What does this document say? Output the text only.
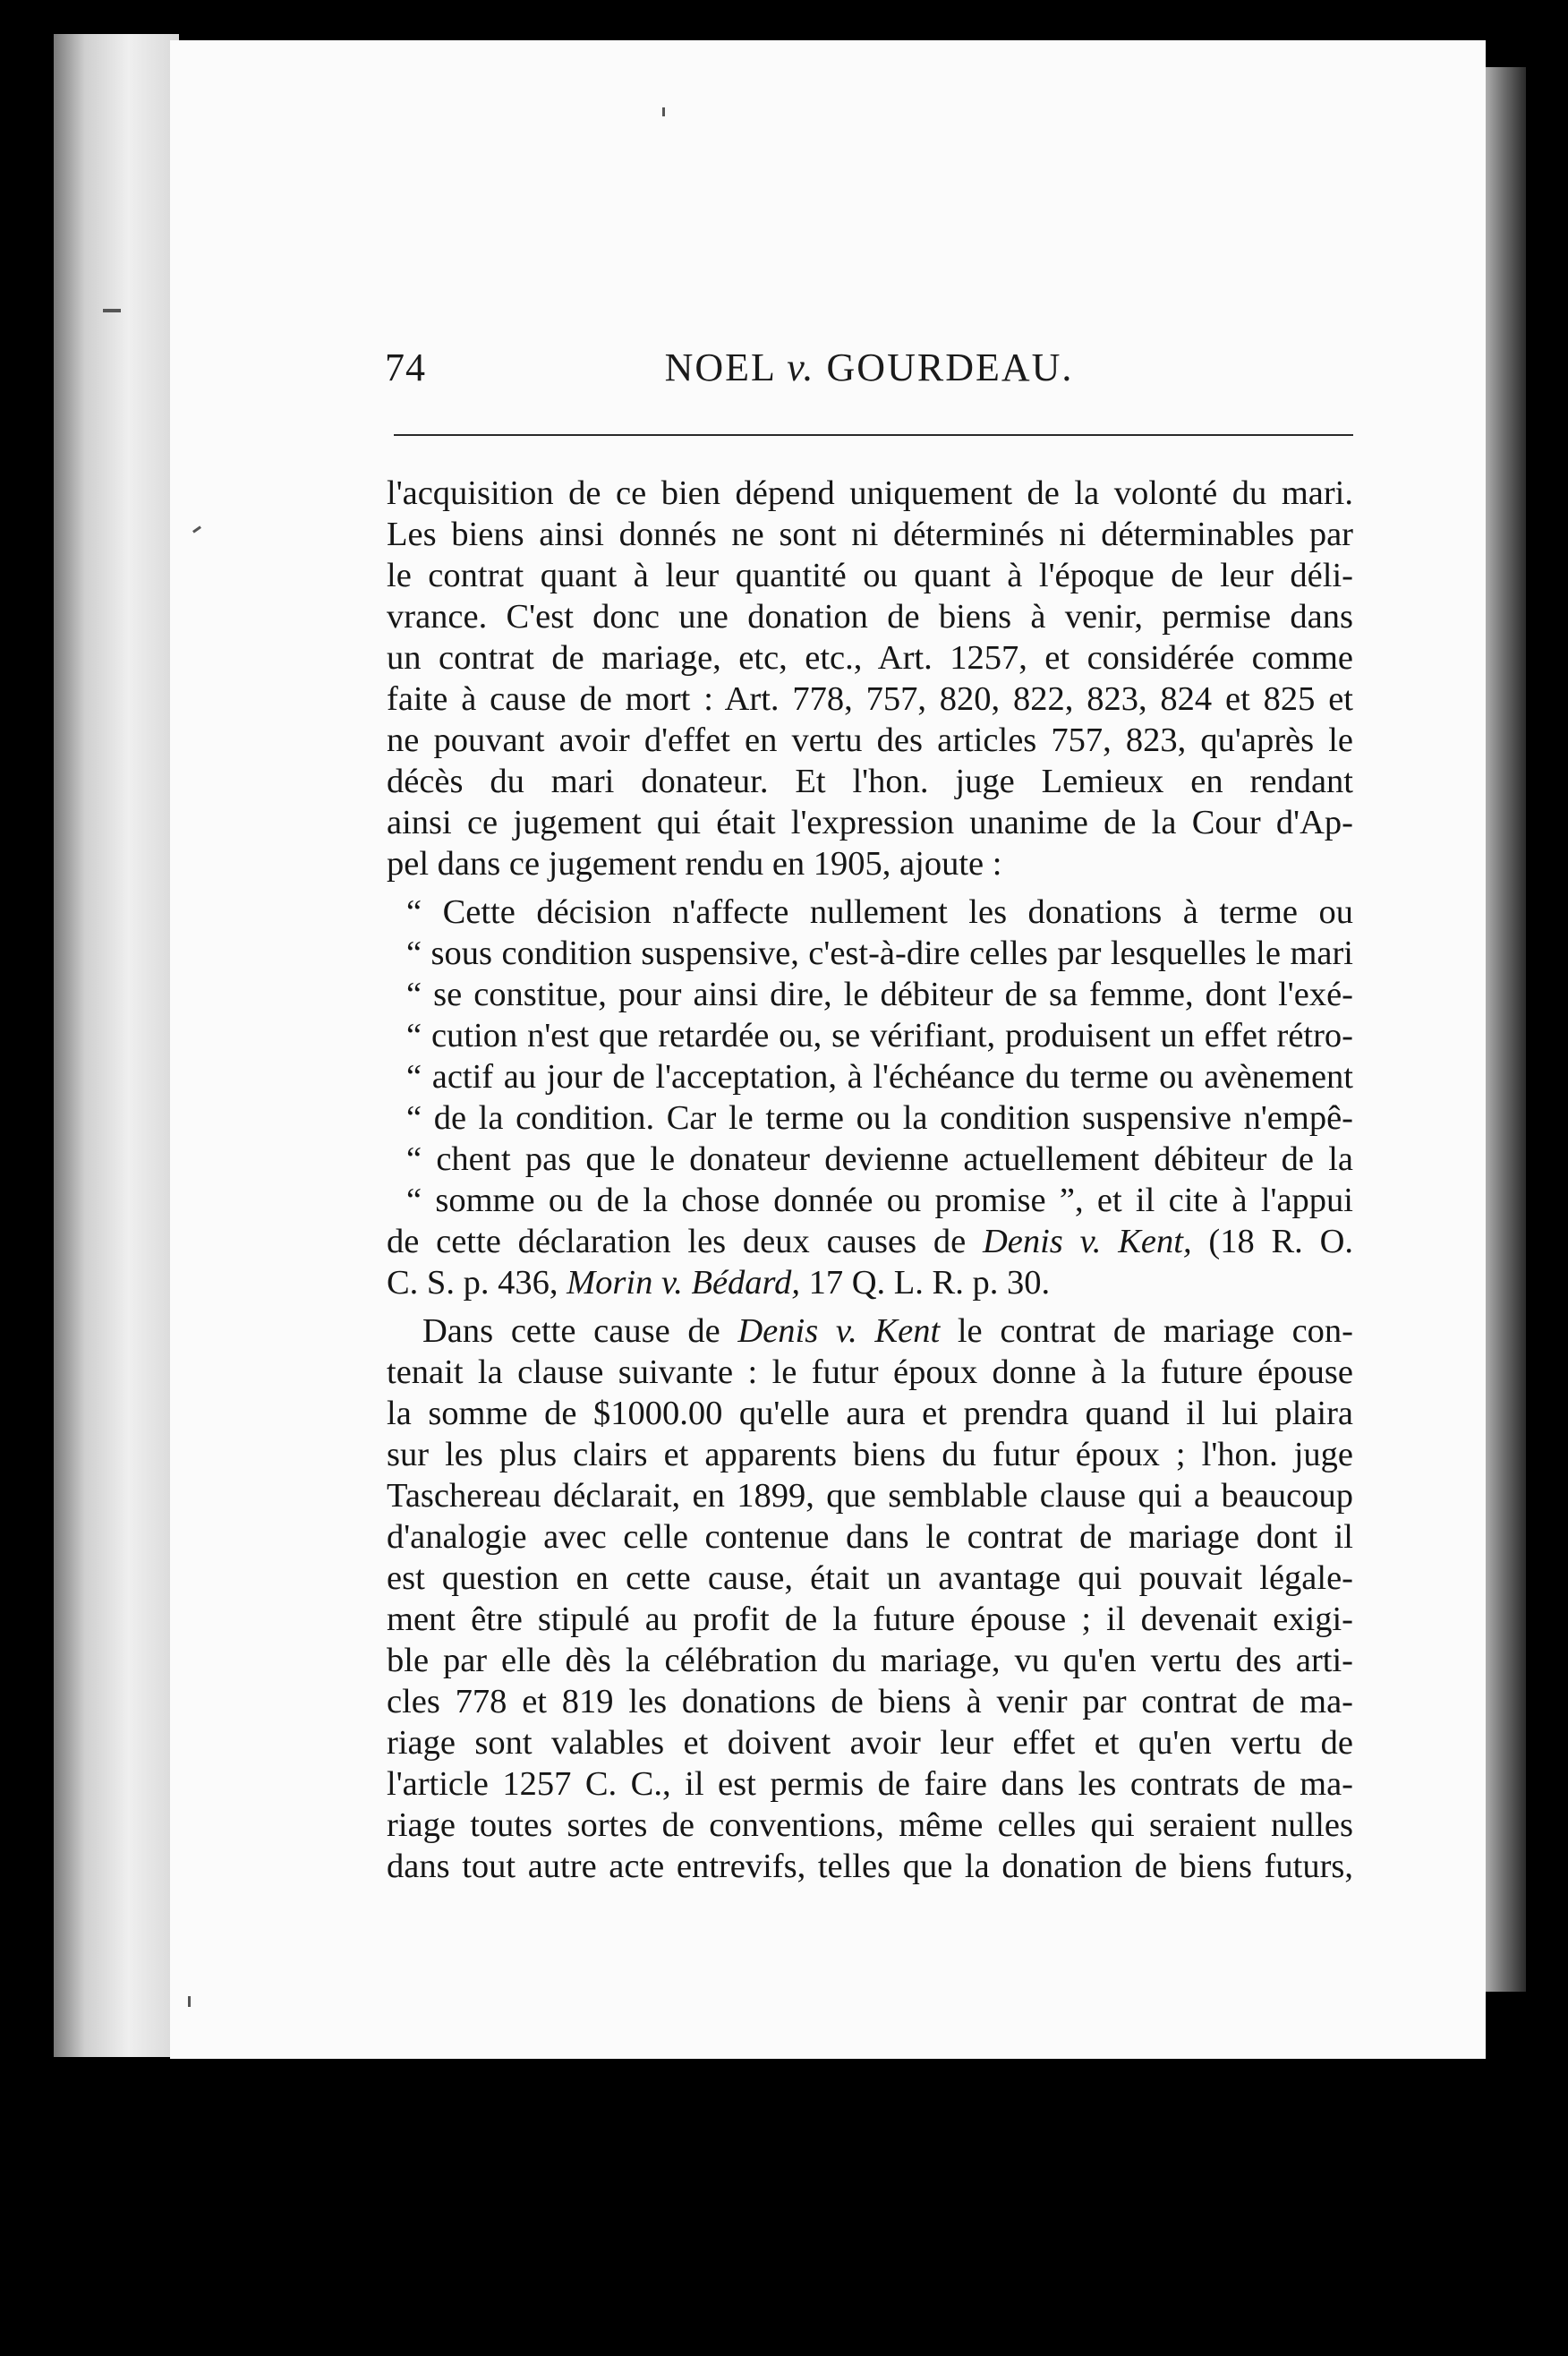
74	NOEL v. GOURDEAU.

l'acquisition de ce bien dépend uniquement de la volonté du mari.
Les biens ainsi donnés ne sont ni déterminés ni déterminables par
le contrat quant à leur quantité ou quant à l'époque de leur déli-
vrance. C'est donc une donation de biens à venir, permise dans
un contrat de mariage, etc, etc., Art. 1257, et considérée comme
faite à cause de mort : Art. 778, 757, 820, 822, 823, 824 et 825 et
ne pouvant avoir d'effet en vertu des articles 757, 823, qu'après le
décès du mari donateur. Et l'hon. juge Lemieux en rendant
ainsi ce jugement qui était l'expression unanime de la Cour d'Ap-
pel dans ce jugement rendu en 1905, ajoute :

“ Cette décision n'affecte nullement les donations à terme ou
“ sous condition suspensive, c'est-à-dire celles par lesquelles le mari
“ se constitue, pour ainsi dire, le débiteur de sa femme, dont l'exé-
“ cution n'est que retardée ou, se vérifiant, produisent un effet rétro-
“ actif au jour de l'acceptation, à l'échéance du terme ou avènement
“ de la condition. Car le terme ou la condition suspensive n'empê-
“ chent pas que le donateur devienne actuellement débiteur de la
“ somme ou de la chose donnée ou promise ”, et il cite à l'appui
de cette déclaration les deux causes de Denis v. Kent, (18 R. O.
C. S. p. 436, Morin v. Bédard, 17 Q. L. R. p. 30.

Dans cette cause de Denis v. Kent le contrat de mariage con-
tenait la clause suivante : le futur époux donne à la future épouse
la somme de $1000.00 qu'elle aura et prendra quand il lui plaira
sur les plus clairs et apparents biens du futur époux ; l'hon. juge
Taschereau déclarait, en 1899, que semblable clause qui a beaucoup
d'analogie avec celle contenue dans le contrat de mariage dont il
est question en cette cause, était un avantage qui pouvait légale-
ment être stipulé au profit de la future épouse ; il devenait exigi-
ble par elle dès la célébration du mariage, vu qu'en vertu des arti-
cles 778 et 819 les donations de biens à venir par contrat de ma-
riage sont valables et doivent avoir leur effet et qu'en vertu de
l'article 1257 C. C., il est permis de faire dans les contrats de ma-
riage toutes sortes de conventions, même celles qui seraient nulles
dans tout autre acte entrevifs, telles que la donation de biens futurs,
